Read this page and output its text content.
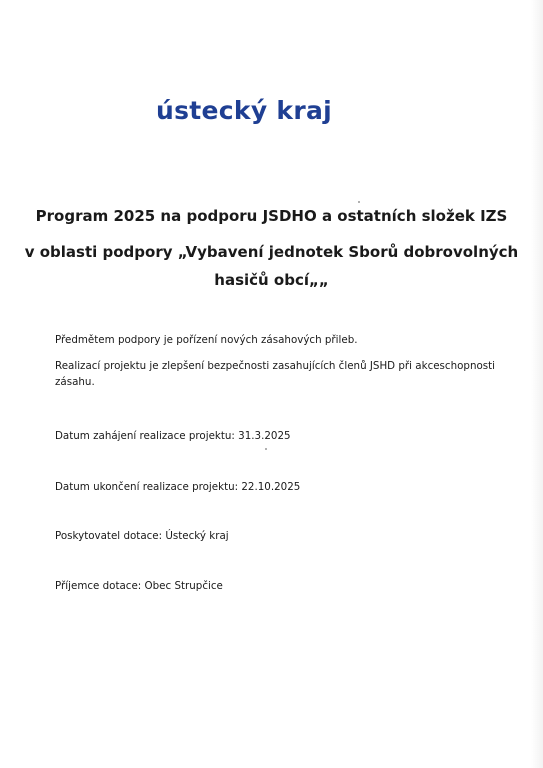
ústecký kraj
Program 2025 na podporu JSDHO a ostatních složek IZS
v oblasti podpory „Vybavení jednotek Sborů dobrovolných
hasičů obcí„„
Předmětem podpory je pořízení nových zásahových přileb.
Realizací projektu je zlepšení bezpečnosti zasahujících členů JSHD při akceschopnosti zásahu.
Datum zahájení realizace projektu: 31.3.2025
Datum ukončení realizace projektu: 22.10.2025
Poskytovatel dotace: Ústecký kraj
Příjemce dotace: Obec Strupčice
